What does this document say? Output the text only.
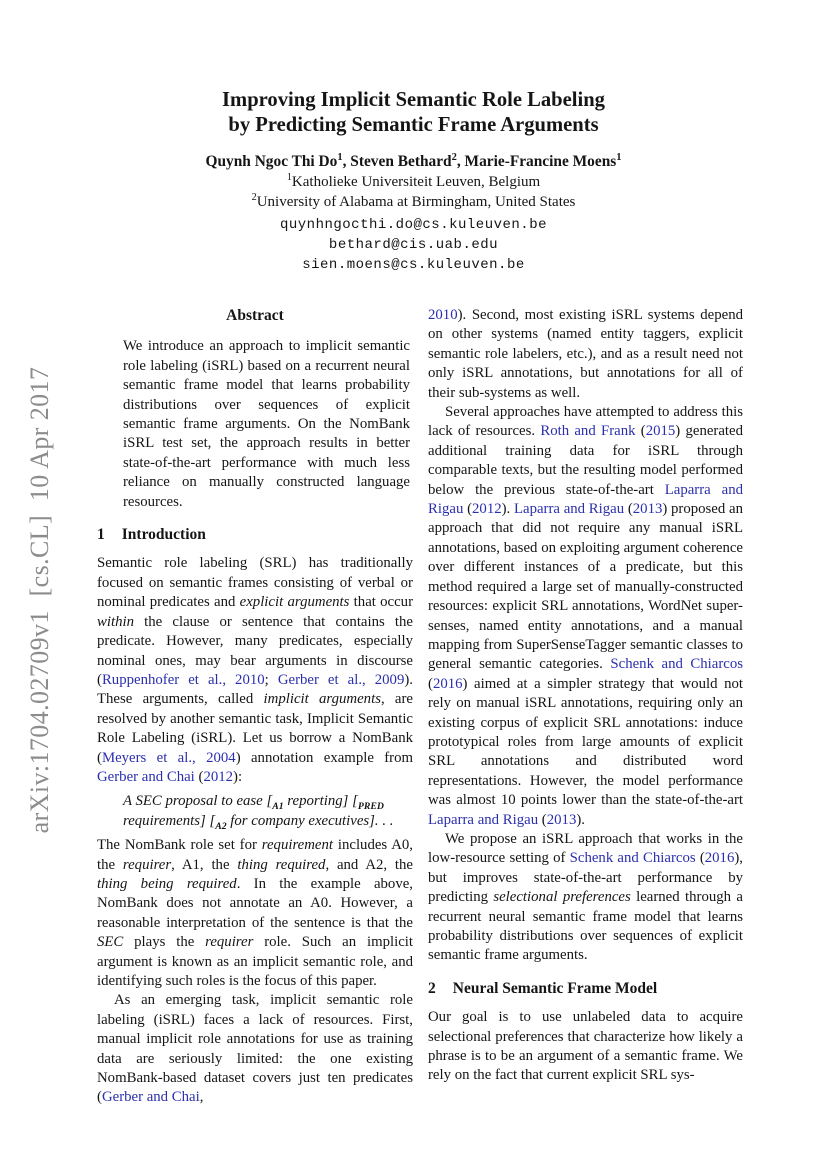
arXiv:1704.02709v1  [cs.CL]  10 Apr 2017
Improving Implicit Semantic Role Labeling
by Predicting Semantic Frame Arguments
Quynh Ngoc Thi Do$^1$, Steven Bethard$^2$, Marie-Francine Moens$^1$
$^1$Katholieke Universiteit Leuven, Belgium
$^2$University of Alabama at Birmingham, United States
quynhngocthi.do@cs.kuleuven.be
bethard@cis.uab.edu
sien.moens@cs.kuleuven.be
Abstract

We introduce an approach to implicit semantic role labeling (iSRL) based on a recurrent neural semantic frame model that learns probability distributions over sequences of explicit semantic frame arguments. On the NomBank iSRL test set, the approach results in better state-of-the-art performance with much less reliance on manually constructed language resources.

1 Introduction

Semantic role labeling (SRL) has traditionally focused on semantic frames consisting of verbal or nominal predicates and explicit arguments that occur within the clause or sentence that contains the predicate. However, many predicates, especially nominal ones, may bear arguments in discourse (Ruppenhofer et al., 2010; Gerber et al., 2009). These arguments, called implicit arguments, are resolved by another semantic task, Implicit Semantic Role Labeling (iSRL). Let us borrow a NomBank (Meyers et al., 2004) annotation example from Gerber and Chai (2012):

A SEC proposal to ease [$_{A1}$ reporting] [$_{PRED}$ requirements] [$_{A2}$ for company executives]. . .

The NomBank role set for requirement includes A0, the requirer, A1, the thing required, and A2, the thing being required. In the example above, NomBank does not annotate an A0. However, a reasonable interpretation of the sentence is that the SEC plays the requirer role. Such an implicit argument is known as an implicit semantic role, and identifying such roles is the focus of this paper.

As an emerging task, implicit semantic role labeling (iSRL) faces a lack of resources. First, manual implicit role annotations for use as training data are seriously limited: the one existing NomBank-based dataset covers just ten predicates (Gerber and Chai,

2010). Second, most existing iSRL systems depend on other systems (named entity taggers, explicit semantic role labelers, etc.), and as a result need not only iSRL annotations, but annotations for all of their sub-systems as well.

Several approaches have attempted to address this lack of resources. Roth and Frank (2015) generated additional training data for iSRL through comparable texts, but the resulting model performed below the previous state-of-the-art Laparra and Rigau (2012). Laparra and Rigau (2013) proposed an approach that did not require any manual iSRL annotations, based on exploiting argument coherence over different instances of a predicate, but this method required a large set of manually-constructed resources: explicit SRL annotations, WordNet super-senses, named entity annotations, and a manual mapping from SuperSenseTagger semantic classes to general semantic categories. Schenk and Chiarcos (2016) aimed at a simpler strategy that would not rely on manual iSRL annotations, requiring only an existing corpus of explicit SRL annotations: induce prototypical roles from large amounts of explicit SRL annotations and distributed word representations. However, the model performance was almost 10 points lower than the state-of-the-art Laparra and Rigau (2013).

We propose an iSRL approach that works in the low-resource setting of Schenk and Chiarcos (2016), but improves state-of-the-art performance by predicting selectional preferences learned through a recurrent neural semantic frame model that learns probability distributions over sequences of explicit semantic frame arguments.

2 Neural Semantic Frame Model

Our goal is to use unlabeled data to acquire selectional preferences that characterize how likely a phrase is to be an argument of a semantic frame. We rely on the fact that current explicit SRL sys-
